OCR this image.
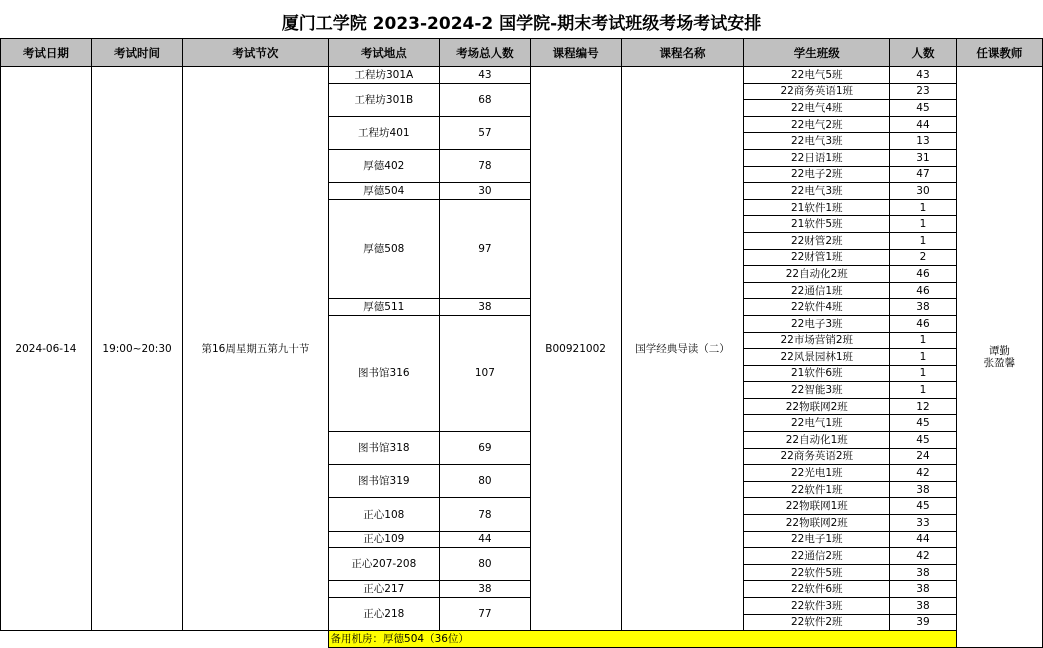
厦门工学院 2023-2024-2 国学院-期末考试班级考场考试安排
考试日期	考试时间	考试节次	考试地点	考场总人数	课程编号	课程名称	学生班级	人数	任课教师
2024-06-14	19:00~20:30	第16周星期五第九十节	工程坊301A	43	B00921002	国学经典导读（二）	22电气5班	43	谭勤
张盈馨

			工程坊301B	68			22商务英语1班	23	
							22电气4班	45	
			工程坊401	57			22电气2班	44	
							22电气3班	13	
			厚德402	78			22日语1班	31	
							22电子2班	47	
			厚德504	30			22电气3班	30	
			厚德508	97			21软件1班	1	
							21软件5班	1	
							22财管2班	1	
							22财管1班	2	
							22自动化2班	46	
							22通信1班	46	
			厚德511	38			22软件4班	38	
			图书馆316	107			22电子3班	46	
							22市场营销2班	1	
							22风景园林1班	1	
							21软件6班	1	
							22智能3班	1	
							22物联网2班	12	
							22电气1班	45	
			图书馆318	69			22自动化1班	45	
							22商务英语2班	24	
			图书馆319	80			22光电1班	42	
							22软件1班	38	
			正心108	78			22物联网1班	45	
							22物联网2班	33	
			正心109	44			22电子1班	44	
			正心207-208	80			22通信2班	42	
							22软件5班	38	
			正心217	38			22软件6班	38	
			正心218	77			22软件3班	38	
							22软件2班	39	
			备用机房：厚德504（36位）						
